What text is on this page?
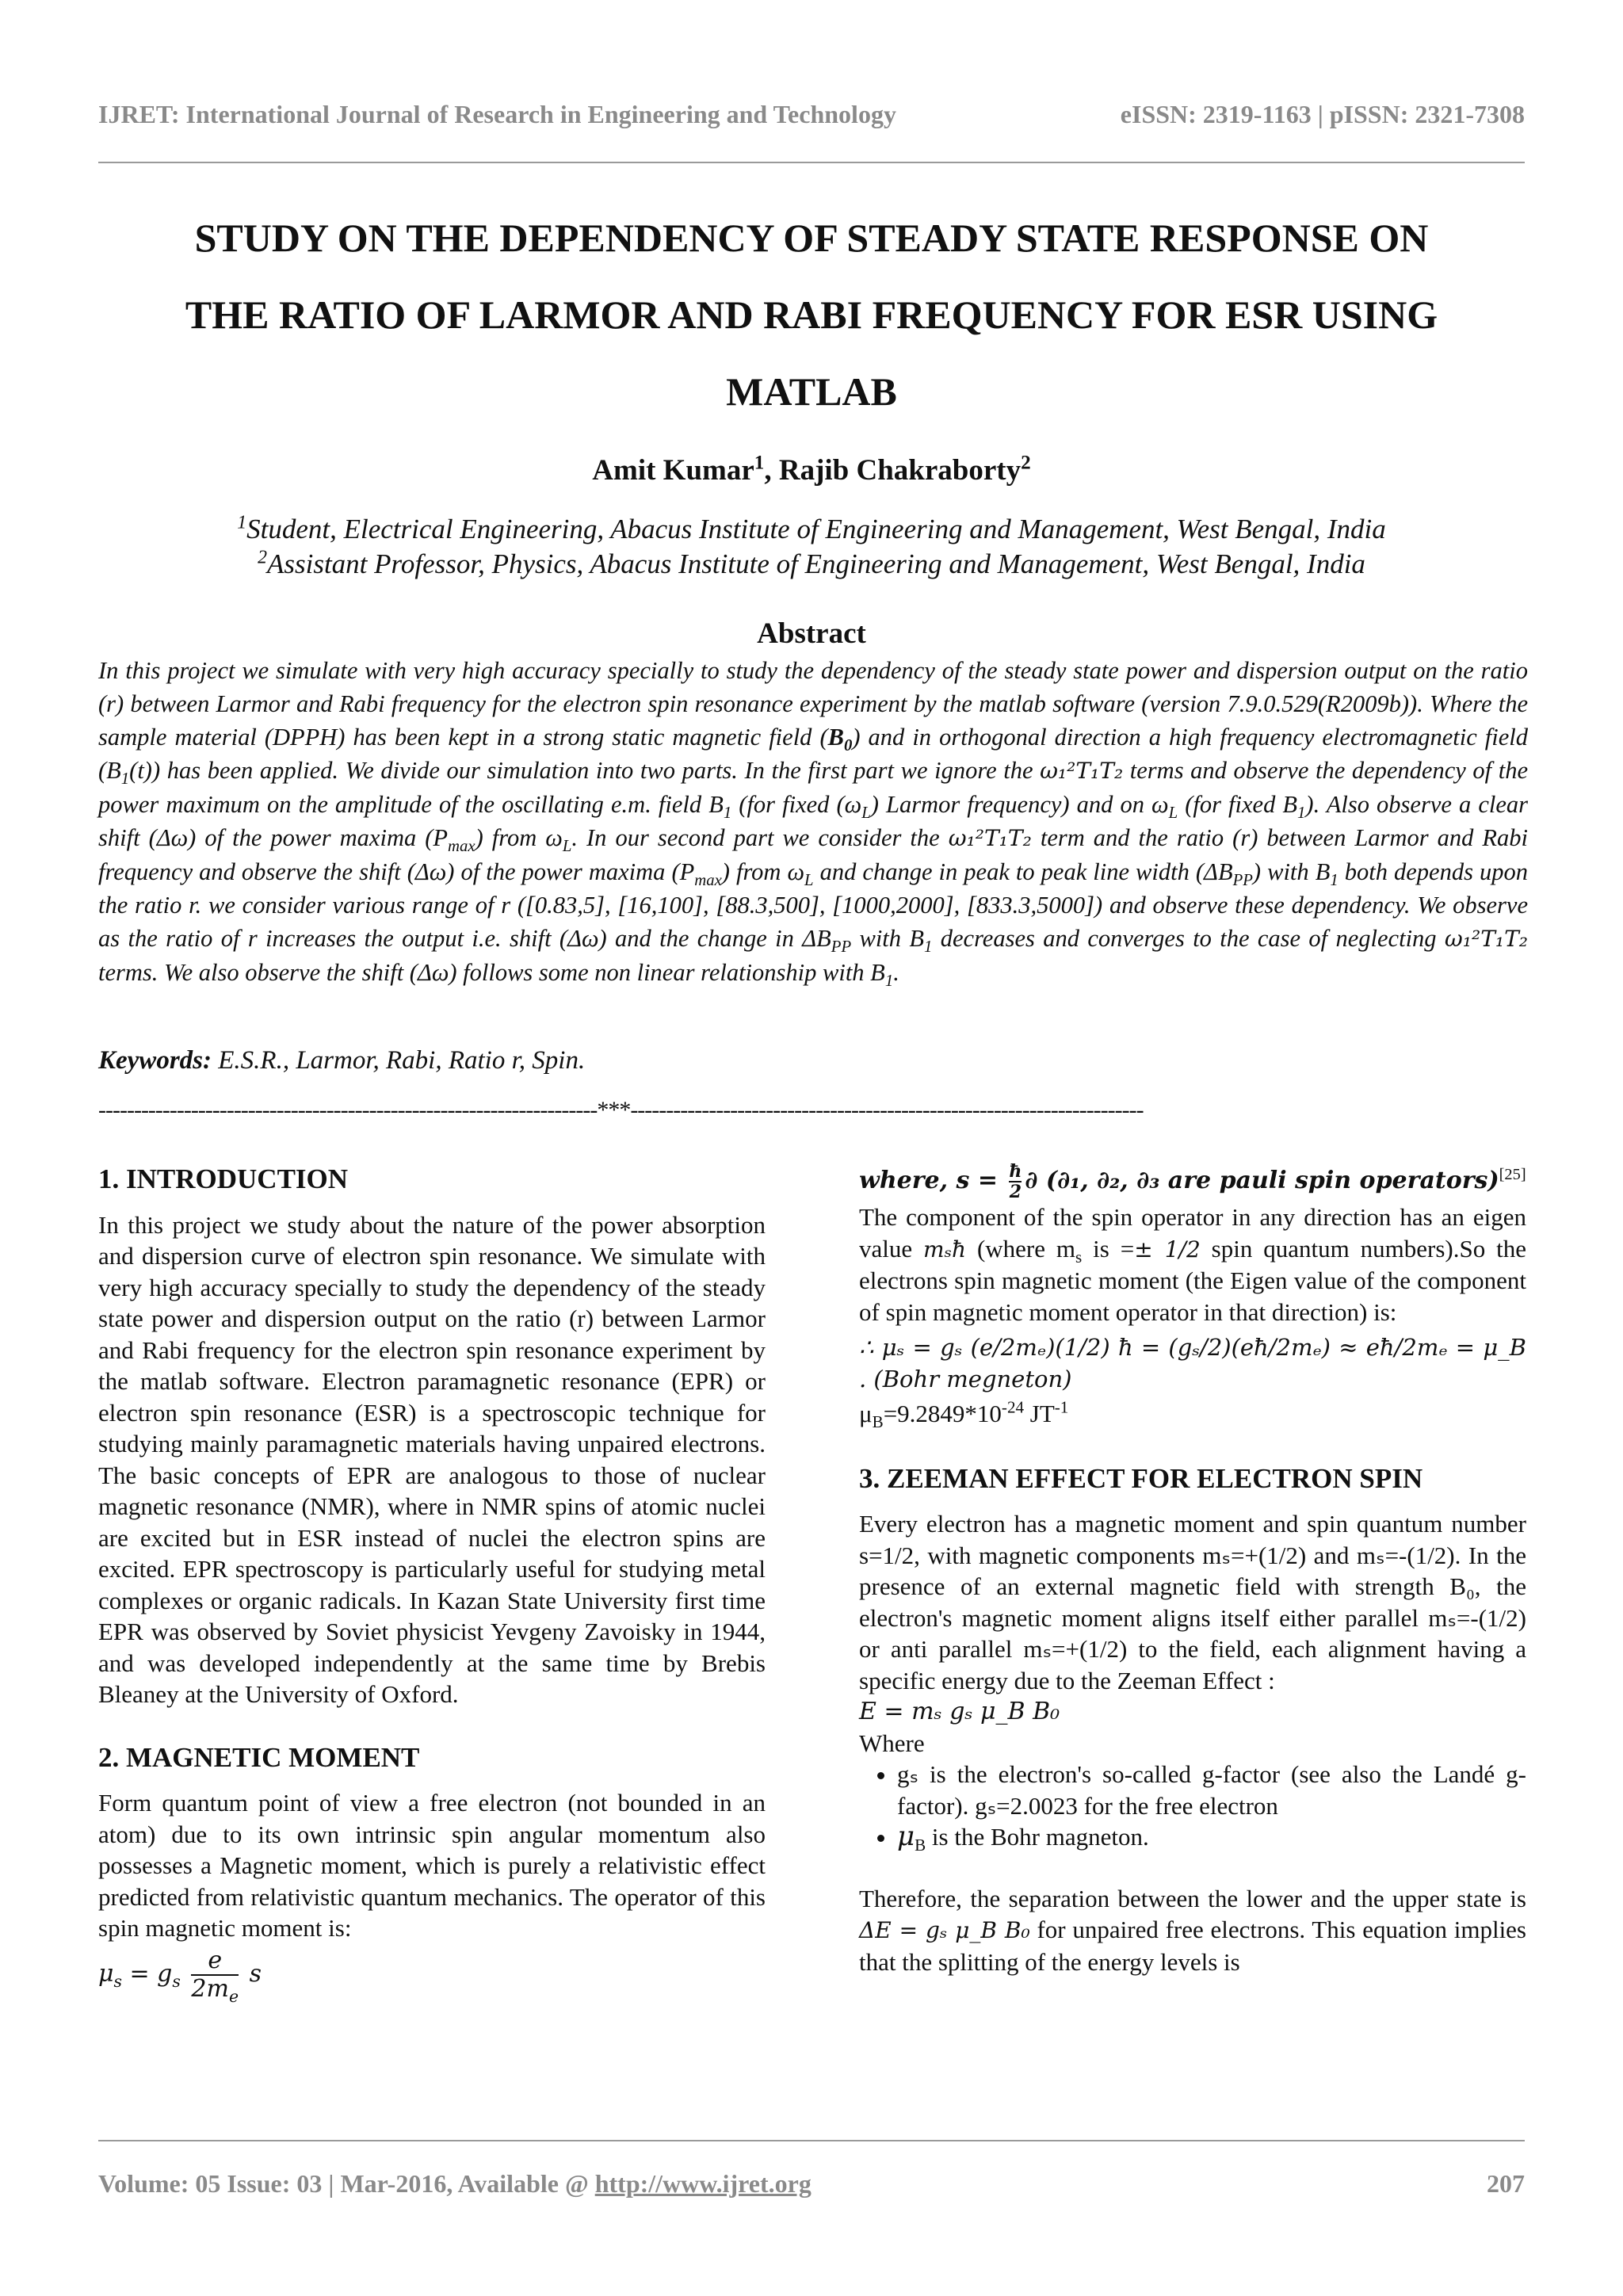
IJRET: International Journal of Research in Engineering and Technology	eISSN: 2319-1163 | pISSN: 2321-7308
STUDY ON THE DEPENDENCY OF STEADY STATE RESPONSE ON
THE RATIO OF LARMOR AND RABI FREQUENCY FOR ESR USING
MATLAB
Amit Kumar$^1$, Rajib Chakraborty$^2$
$^1$Student, Electrical Engineering, Abacus Institute of Engineering and Management, West Bengal, India
$^2$Assistant Professor, Physics, Abacus Institute of Engineering and Management, West Bengal, India
Abstract
In this project we simulate with very high accuracy specially to study the dependency of the steady state power and dispersion output on the ratio (r) between Larmor and Rabi frequency for the electron spin resonance experiment by the matlab software (version 7.9.0.529(R2009b)). Where the sample material (DPPH) has been kept in a strong static magnetic field $(B_0)$ and in orthogonal direction a high frequency electromagnetic field $(B_1(t))$ has been applied. We divide our simulation into two parts. In the first part we ignore the ω₁²T₁T₂ terms and observe the dependency of the power maximum on the amplitude of the oscillating e.m. field $B_1$ (for fixed $(\omega_L)$ Larmor frequency) and on $\omega_L$ (for fixed $B_1$). Also observe a clear shift (Δω) of the power maxima $(P_{max})$ from $\omega_L$. In our second part we consider the ω₁²T₁T₂ term and the ratio (r) between Larmor and Rabi frequency and observe the shift (Δω) of the power maxima $(P_{max})$ from $\omega_L$ and change in peak to peak line width $(\Delta B_{PP})$ with $B_1$ both depends upon the ratio r. we consider various range of r ([0.83,5], [16,100], [88.3,500], [1000,2000], [833.3,5000]) and observe these dependency. We observe as the ratio of r increases the output i.e. shift (Δω) and the change in $\Delta B_{PP}$ with $B_1$ decreases and converges to the case of neglecting ω₁²T₁T₂ terms. We also observe the shift (Δω) follows some non linear relationship with $B_1$.
Keywords: E.S.R., Larmor, Rabi, Ratio r, Spin.
----------------------------------------------------------------------***------------------------------------------------------------------------
1. INTRODUCTION
In this project we study about the nature of the power absorption and dispersion curve of electron spin resonance. We simulate with very high accuracy specially to study the dependency of the steady state power and dispersion output on the ratio (r) between Larmor and Rabi frequency for the electron spin resonance experiment by the matlab software. Electron paramagnetic resonance (EPR) or electron spin resonance (ESR) is a spectroscopic technique for studying mainly paramagnetic materials having unpaired electrons. The basic concepts of EPR are analogous to those of nuclear magnetic resonance (NMR), where in NMR spins of atomic nuclei are excited but in ESR instead of nuclei the electron spins are excited. EPR spectroscopy is particularly useful for studying metal complexes or organic radicals. In Kazan State University first time EPR was observed by Soviet physicist Yevgeny Zavoisky in 1944, and was developed independently at the same time by Brebis Bleaney at the University of Oxford.
2. MAGNETIC MOMENT
Form quantum point of view a free electron (not bounded in an atom) due to its own intrinsic spin angular momentum also possesses a Magnetic moment, which is purely a relativistic effect predicted from relativistic quantum mechanics. The operator of this spin magnetic moment is:
$\mu_s = g_s \frac{e}{2m_e}$ s
where, $s = \frac{ħ}{2}$ ∂ (∂₁, ∂₂, ∂₃ are pauli spin operators)[25]
The component of the spin operator in any direction has an eigen value mₛħ (where $m_s$ is =± 1/2 spin quantum numbers).So the electrons spin magnetic moment (the Eigen value of the component of spin magnetic moment operator in that direction) is:
∴ μₛ = gₛ (e/2mₑ)(1/2) ħ = (gₛ/2)(eħ/2mₑ) ≈ eħ/2mₑ = μ_B . (Bohr megneton)
$\mu_B=9.2849*10^{-24}$ $JT^{-1}$
3. ZEEMAN EFFECT FOR ELECTRON SPIN
Every electron has a magnetic moment and spin quantum number s=1/2, with magnetic components mₛ=+(1/2) and mₛ=-(1/2). In the presence of an external magnetic field with strength B₀, the electron's magnetic moment aligns itself either parallel mₛ=-(1/2) or anti parallel mₛ=+(1/2) to the field, each alignment having a specific energy due to the Zeeman Effect :
E = mₛ gₛ μ_B B₀
Where
• gₛ is the electron's so-called g-factor (see also the Landé g-factor). gₛ=2.0023 for the free electron
• $\mu_B$ is the Bohr magneton.
Therefore, the separation between the lower and the upper state is ΔE = gₛ μ_B B₀ for unpaired free electrons. This equation implies that the splitting of the energy levels is
Volume: 05 Issue: 03 | Mar-2016, Available @ http://www.ijret.org	207
